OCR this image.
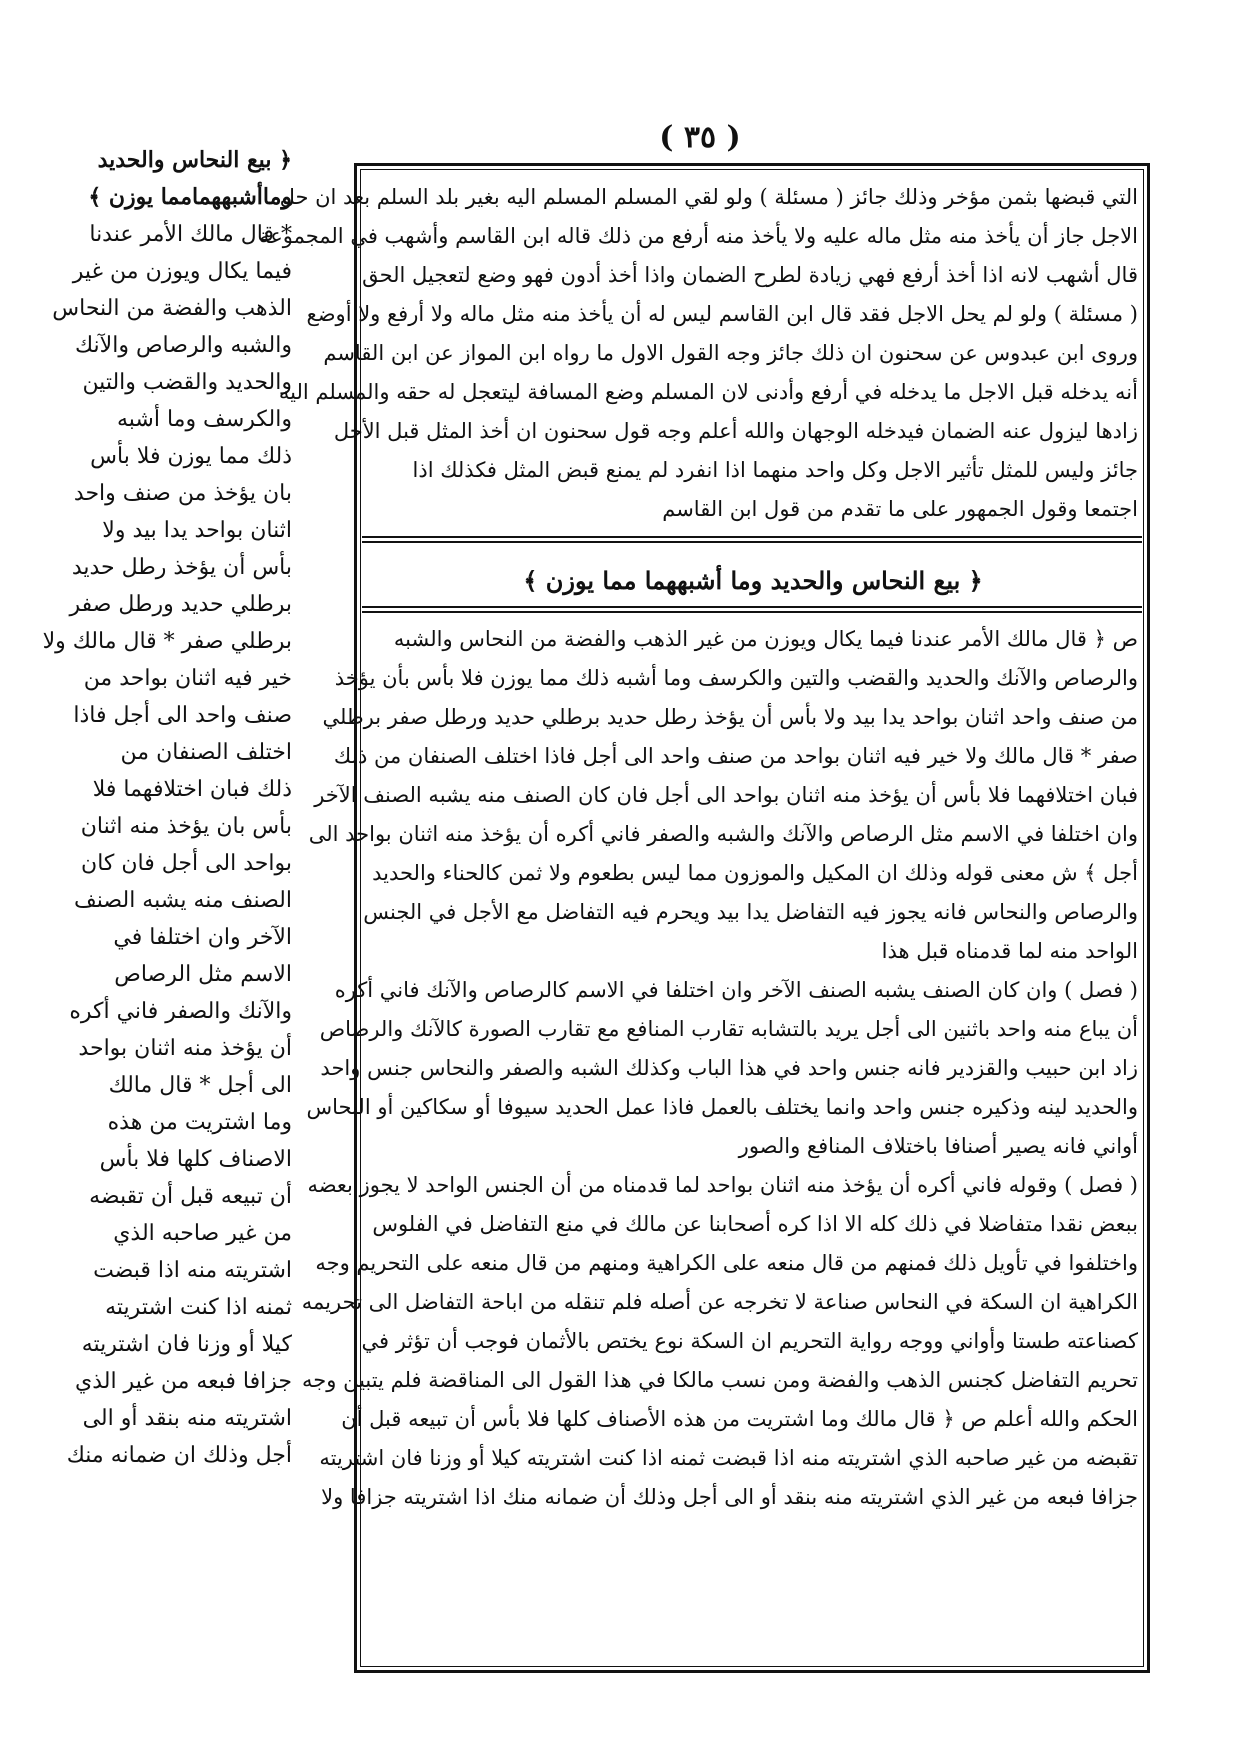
( ٣٥ )
﴿ بيع النحاس والحديد
وماأشبههمامما يوزن ﴾
* قال مالك الأمر عندنا
فيما يكال ويوزن من غير
الذهب والفضة من النحاس
والشبه والرصاص والآنك
والحديد والقضب والتين
والكرسف وما أشبه
ذلك مما يوزن فلا بأس
بان يؤخذ من صنف واحد
اثنان بواحد يدا بيد ولا
بأس أن يؤخذ رطل حديد
برطلي حديد ورطل صفر
برطلي صفر * قال مالك ولا
خير فيه اثنان بواحد من
صنف واحد الى أجل فاذا
اختلف الصنفان من
ذلك فبان اختلافهما فلا
بأس بان يؤخذ منه اثنان
بواحد الى أجل فان كان
الصنف منه يشبه الصنف
الآخر وان اختلفا في
الاسم مثل الرصاص
والآنك والصفر فاني أكره
أن يؤخذ منه اثنان بواحد
الى أجل * قال مالك
وما اشتريت من هذه
الاصناف كلها فلا بأس
أن تبيعه قبل أن تقبضه
من غير صاحبه الذي
اشتريته منه اذا قبضت
ثمنه اذا كنت اشتريته
كيلا أو وزنا فان اشتريته
جزافا فبعه من غير الذي
اشتريته منه بنقد أو الى
أجل وذلك ان ضمانه منك
التي قبضها بثمن مؤخر وذلك جائز ( مسئلة ) ولو لقي المسلم المسلم اليه بغير بلد السلم بعد ان حل
الاجل جاز أن يأخذ منه مثل ماله عليه ولا يأخذ منه أرفع من ذلك قاله ابن القاسم وأشهب في المجموعة
قال أشهب لانه اذا أخذ أرفع فهي زيادة لطرح الضمان واذا أخذ أدون فهو وضع لتعجيل الحق
( مسئلة ) ولو لم يحل الاجل فقد قال ابن القاسم ليس له أن يأخذ منه مثل ماله ولا أرفع ولا أوضع
وروى ابن عبدوس عن سحنون ان ذلك جائز وجه القول الاول ما رواه ابن المواز عن ابن القاسم
أنه يدخله قبل الاجل ما يدخله في أرفع وأدنى لان المسلم وضع المسافة ليتعجل له حقه والمسلم اليه
زادها ليزول عنه الضمان فيدخله الوجهان والله أعلم وجه قول سحنون ان أخذ المثل قبل الأجل
جائز وليس للمثل تأثير الاجل وكل واحد منهما اذا انفرد لم يمنع قبض المثل فكذلك اذا
اجتمعا وقول الجمهور على ما تقدم من قول ابن القاسم
﴿ بيع النحاس والحديد وما أشبههما مما يوزن ﴾
ص ﴿ قال مالك الأمر عندنا فيما يكال ويوزن من غير الذهب والفضة من النحاس والشبه
والرصاص والآنك والحديد والقضب والتين والكرسف وما أشبه ذلك مما يوزن فلا بأس بأن يؤخذ
من صنف واحد اثنان بواحد يدا بيد ولا بأس أن يؤخذ رطل حديد برطلي حديد ورطل صفر برطلي
صفر * قال مالك ولا خير فيه اثنان بواحد من صنف واحد الى أجل فاذا اختلف الصنفان من ذلك
فبان اختلافهما فلا بأس أن يؤخذ منه اثنان بواحد الى أجل فان كان الصنف منه يشبه الصنف الآخر
وان اختلفا في الاسم مثل الرصاص والآنك والشبه والصفر فاني أكره أن يؤخذ منه اثنان بواحد الى
أجل ﴾ ش معنى قوله وذلك ان المكيل والموزون مما ليس بطعوم ولا ثمن كالحناء والحديد
والرصاص والنحاس فانه يجوز فيه التفاضل يدا بيد ويحرم فيه التفاضل مع الأجل في الجنس
الواحد منه لما قدمناه قبل هذا
( فصل ) وان كان الصنف يشبه الصنف الآخر وان اختلفا في الاسم كالرصاص والآنك فاني أكره
أن يباع منه واحد باثنين الى أجل يريد بالتشابه تقارب المنافع مع تقارب الصورة كالآنك والرصاص
زاد ابن حبيب والقزدير فانه جنس واحد في هذا الباب وكذلك الشبه والصفر والنحاس جنس واحد
والحديد لينه وذكيره جنس واحد وانما يختلف بالعمل فاذا عمل الحديد سيوفا أو سكاكين أو النحاس
أواني فانه يصير أصنافا باختلاف المنافع والصور
( فصل ) وقوله فاني أكره أن يؤخذ منه اثنان بواحد لما قدمناه من أن الجنس الواحد لا يجوز بعضه
ببعض نقدا متفاضلا في ذلك كله الا اذا كره أصحابنا عن مالك في منع التفاضل في الفلوس
واختلفوا في تأويل ذلك فمنهم من قال منعه على الكراهية ومنهم من قال منعه على التحريم وجه
الكراهية ان السكة في النحاس صناعة لا تخرجه عن أصله فلم تنقله من اباحة التفاضل الى تحريمه
كصناعته طستا وأواني ووجه رواية التحريم ان السكة نوع يختص بالأثمان فوجب أن تؤثر في
تحريم التفاضل كجنس الذهب والفضة ومن نسب مالكا في هذا القول الى المناقضة فلم يتبين وجه
الحكم والله أعلم ص ﴿ قال مالك وما اشتريت من هذه الأصناف كلها فلا بأس أن تبيعه قبل أن
تقبضه من غير صاحبه الذي اشتريته منه اذا قبضت ثمنه اذا كنت اشتريته كيلا أو وزنا فان اشتريته
جزافا فبعه من غير الذي اشتريته منه بنقد أو الى أجل وذلك أن ضمانه منك اذا اشتريته جزافا ولا
